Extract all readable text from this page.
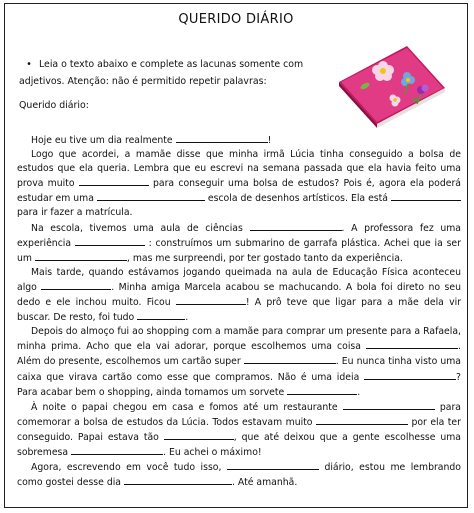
QUERIDO DIÁRIO
• Leia o texto abaixo e complete as lacunas somente com adjetivos. Atenção: não é permitido repetir palavras:
Querido diário:

Hoje eu tive um dia realmente	!

Logo que acordei, a mamãe disse que minha irmã Lúcia tinha conseguido a bolsa de estudos que ela queria. Lembra que eu escrevi na semana passada que ela havia feito uma prova muito	para conseguir uma bolsa de estudos? Pois é, agora ela poderá estudar em uma	escola de desenhos artísticos. Ela está  para ir fazer a matrícula.

Na escola, tivemos uma aula de ciências	. A professora fez uma experiência	: construímos um submarino de garrafa plástica. Achei que ia ser um	, mas me surpreendi, por ter gostado tanto da experiência.

Mais tarde, quando estávamos jogando queimada na aula de Educação Física aconteceu algo	. Minha amiga Marcela acabou se machucando. A bola foi direto no seu dedo e ele inchou muito. Ficou	! A prô teve que ligar para a mãe dela vir buscar. De resto, foi tudo	.

Depois do almoço fui ao shopping com a mamãe para comprar um presente para a Rafaela, minha prima. Acho que ela vai adorar, porque escolhemos uma coisa	. Além do presente, escolhemos um cartão super	. Eu nunca tinha visto uma caixa que virava cartão como esse que compramos. Não é uma ideia	? Para acabar bem o shopping, ainda tomamos um sorvete	.

À noite o papai chegou em casa e fomos até um restaurante	para comemorar a bolsa de estudos da Lúcia. Todos estavam muito	por ela ter conseguido. Papai estava tão	, que até deixou que a gente escolhesse uma sobremesa	. Eu achei o máximo!

Agora, escrevendo em você tudo isso,	diário, estou me lembrando como gostei desse dia	. Até amanhã.
